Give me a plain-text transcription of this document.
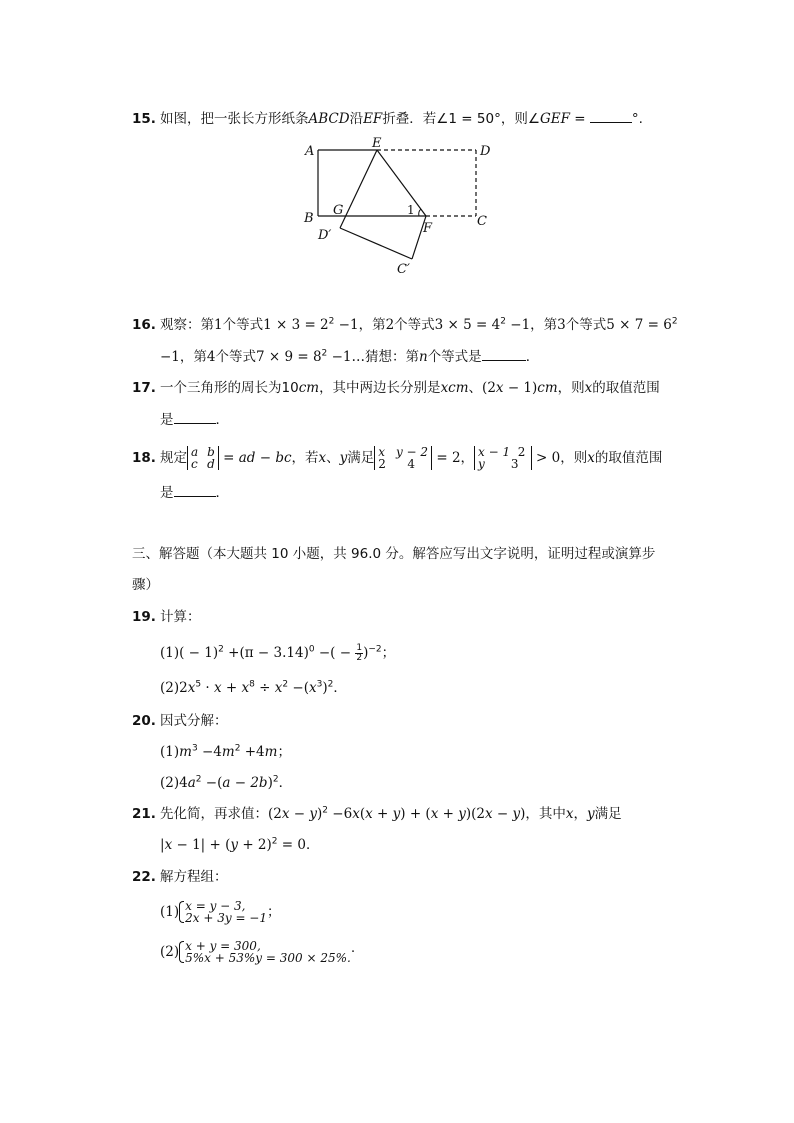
15. 如图，把一张长方形纸条ABCD沿EF折叠．若∠1 = 50°，则∠GEF =	°.
A
E
D
B
G	1
F	C
D′
C′
16. 观察：第1个等式$1 \times 3 = 2^2 -1$，第2个等式$3 \times 5 = 4^2 -1$，第3个等式$5 \times 7 = 6^2$
−1，第4个等式$7 \times 9 = 8^2$ −1…猜想：第n个等式是	．
17. 一个三角形的周长为10cm，其中两边长分别是xcm、(2x − 1)cm，则x的取值范围
是	．
18. 规定 a b
c d = ad − bc，若x、y满足 x y − 2
2 4	= 2， x − 1 2
y 3 > 0，则x的取值范围
是	．
三、解答题（本大题共 10 小题，共 96.0 分。解答应写出文字说明，证明过程或演算步
骤）
19. 计算：
$(1)( - 1)^2 +(\pi - 3.14)^0$ −( − $\frac{1}{2} )^{-2}$；
$(2)2x^5 \cdot x + x^8 \div x^2 -(x^3)^2$．
20. 因式分解：
$(1)m^3 -4m^2 +4m$；
$(2)4a^2 -(a - 2b)^2$．
21. 先化简，再求值：$(2x - y)^2 -6x(x + y) + (x + y)(2x - y)$，其中x，y满足
$|x - 1| + (y + 2)^2 = 0$．
22. 解方程组：
(1) x = y − 3,
2x + 3y = −1 ；
(2) x + y = 300,
5%x + 53%y = 300 × 25%. ·
